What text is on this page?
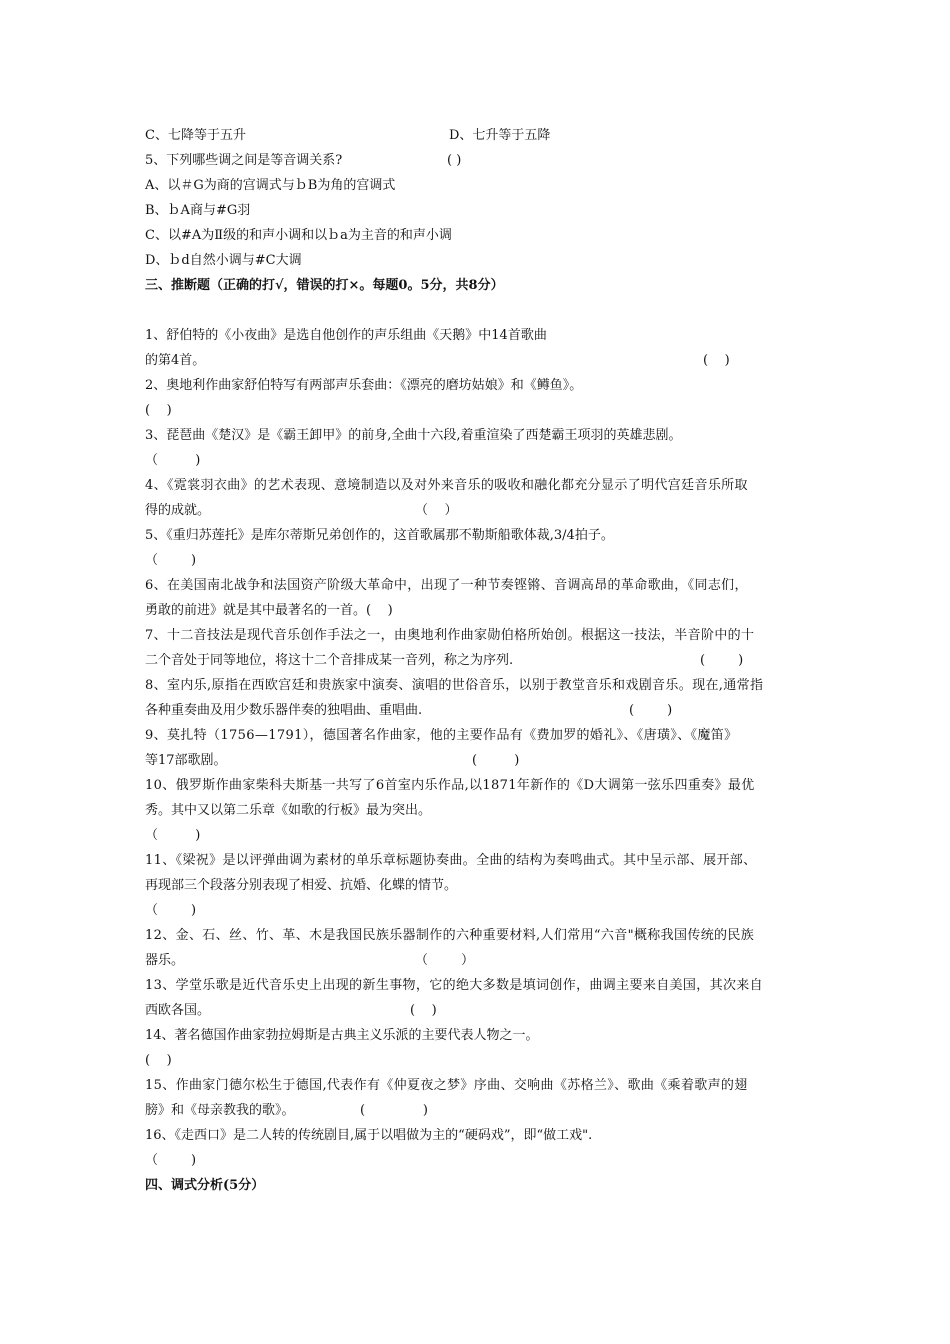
C、七降等于五升	D、七升等于五降
5、下列哪些调之间是等音调关系?	( )
A、以＃G为商的宫调式与ｂB为角的宫调式
B、ｂA商与#G羽
C、以#A为Ⅱ级的和声小调和以ｂa为主音的和声小调
D、ｂd自然小调与#C大调
三、推断题（正确的打√，错误的打×。每题0。5分，共8分）
1、舒伯特的《小夜曲》是选自他创作的声乐组曲《天鹅》中14首歌曲
的第4首。	(    )
2、奥地利作曲家舒伯特写有两部声乐套曲：《漂亮的磨坊姑娘》和《鳟鱼》。
(    )
3、琵琶曲《楚汉》是《霸王卸甲》的前身,全曲十六段,着重渲染了西楚霸王项羽的英雄悲剧。
（         )
4、《霓裳羽衣曲》的艺术表现、意境制造以及对外来音乐的吸收和融化都充分显示了明代宫廷音乐所取
得的成就。	（    ）
5、《重归苏莲托》是库尔蒂斯兄弟创作的，这首歌属那不勒斯船歌体裁,3/4拍子。
（        )
6、在美国南北战争和法国资产阶级大革命中，出现了一种节奏铿锵、音调高昂的革命歌曲，《同志们，
勇敢的前进》就是其中最著名的一首。(    )
7、十二音技法是现代音乐创作手法之一，由奥地利作曲家勋伯格所始创。根据这一技法，半音阶中的十
二个音处于同等地位，将这十二个音排成某一音列，称之为序列.	(        )
8、室内乐,原指在西欧宫廷和贵族家中演奏、演唱的世俗音乐，以别于教堂音乐和戏剧音乐。现在,通常指
各种重奏曲及用少数乐器伴奏的独唱曲、重唱曲.	(        )
9、莫扎特（1756—1791），德国著名作曲家，他的主要作品有《费加罗的婚礼》、《唐璜》、《魔笛》
等17部歌剧。	(         )
10、俄罗斯作曲家柴科夫斯基一共写了6首室内乐作品,以1871年新作的《D大调第一弦乐四重奏》最优
秀。其中又以第二乐章《如歌的行板》最为突出。
（         )
11、《梁祝》是以评弹曲调为素材的单乐章标题协奏曲。全曲的结构为奏鸣曲式。其中呈示部、展开部、
再现部三个段落分别表现了相爱、抗婚、化蝶的情节。
（        )
12、金、石、丝、竹、革、木是我国民族乐器制作的六种重要材料,人们常用“六音"概称我国传统的民族
器乐。	（        ）
13、学堂乐歌是近代音乐史上出现的新生事物，它的绝大多数是填词创作，曲调主要来自美国，其次来自
西欧各国。	(    )
14、著名德国作曲家勃拉姆斯是古典主义乐派的主要代表人物之一。
(    )
15、作曲家门德尔松生于德国,代表作有《仲夏夜之梦》序曲、交响曲《苏格兰》、歌曲《乘着歌声的翅
膀》和《母亲教我的歌》。	(              )
16、《走西口》是二人转的传统剧目,属于以唱做为主的“硬码戏”，即“做工戏".
（        )
四、调式分析(5分）
